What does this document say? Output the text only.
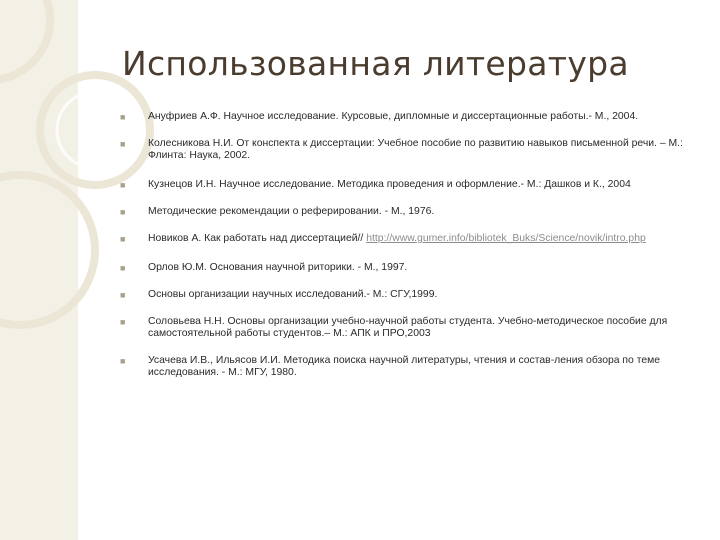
Использованная литература
■ Ануфриев А.Ф. Научное исследование. Курсовые, дипломные и диссертационные работы.- М., 2004.
■ Колесникова Н.И. От конспекта к диссертации: Учебное пособие по развитию навыков письменной речи. – М.: Флинта: Наука, 2002.
■ Кузнецов И.Н. Научное исследование. Методика проведения и оформление.- М.: Дашков и К., 2004
■ Методические рекомендации о реферировании. - М., 1976.
■ Новиков А. Как работать над диссертацией// http://www.gumer.info/bibliotek_Buks/Science/novik/intro.php
■ Орлов Ю.М. Основания научной риторики. - М., 1997.
■ Основы организации научных исследований.- М.: СГУ,1999.
■ Соловьева Н.Н. Основы организации учебно-научной работы студента. Учебно-методическое пособие для самостоятельной работы студентов.– М.: АПК и ПРО,2003
■ Усачева И.В., Ильясов И.И. Методика поиска научной литературы, чтения и состав-ления обзора по теме исследования. - М.: МГУ, 1980.
